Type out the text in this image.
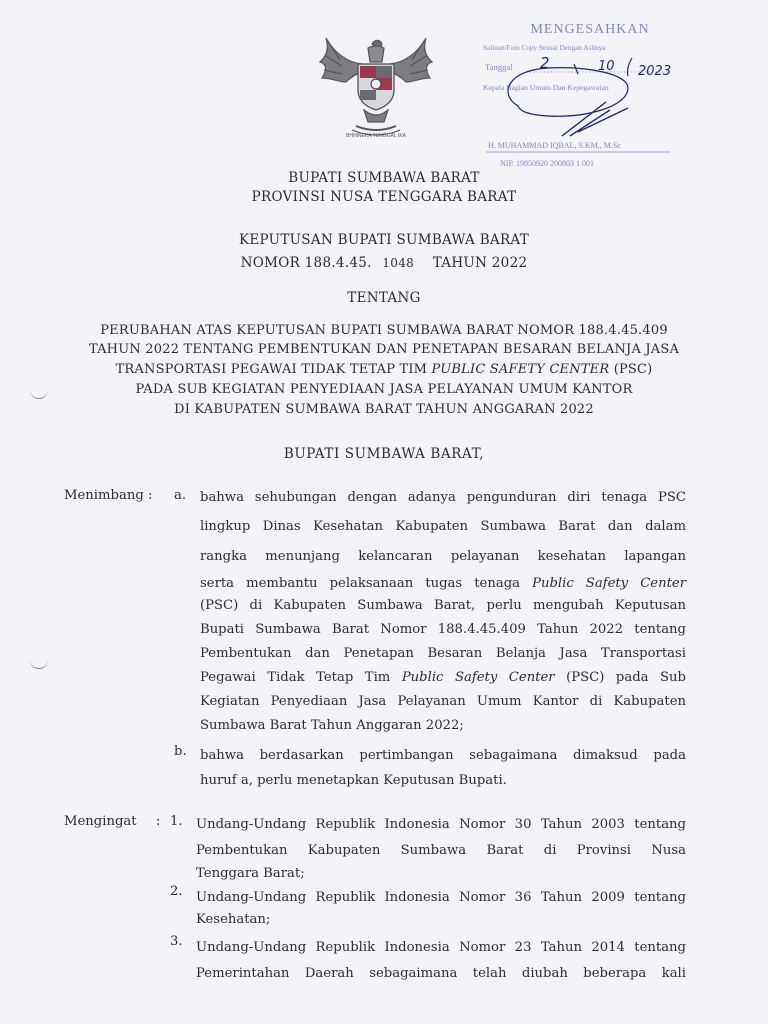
BHINNEKA TUNGGAL IKA
MENGESAHKAN
Salinan/Foto Copy Sesuai Dengan Aslinya
Tanggal
Kepala Bagian Umum Dan Kepegawaian
H. MUHAMMAD IQBAL, S.KM., M.Sc
NIP. 19850920 200803 1 001
2	10 2023
BUPATI SUMBAWA BARAT
PROVINSI NUSA TENGGARA BARAT
KEPUTUSAN BUPATI SUMBAWA BARAT
NOMOR 188.4.45. 1048 TAHUN 2022
TENTANG
PERUBAHAN ATAS KEPUTUSAN BUPATI SUMBAWA BARAT NOMOR 188.4.45.409
TAHUN 2022 TENTANG PEMBENTUKAN DAN PENETAPAN BESARAN BELANJA JASA
TRANSPORTASI PEGAWAI TIDAK TETAP TIM PUBLIC SAFETY CENTER (PSC)
PADA SUB KEGIATAN PENYEDIAAN JASA PELAYANAN UMUM KANTOR
DI KABUPATEN SUMBAWA BARAT TAHUN ANGGARAN 2022
BUPATI SUMBAWA BARAT,
Menimbang : a. bahwa sehubungan dengan adanya pengunduran diri tenaga PSC
lingkup Dinas Kesehatan Kabupaten Sumbawa Barat dan dalam
rangka menunjang kelancaran pelayanan kesehatan lapangan
serta membantu pelaksanaan tugas tenaga Public Safety Center
(PSC) di Kabupaten Sumbawa Barat, perlu mengubah Keputusan
Bupati Sumbawa Barat Nomor 188.4.45.409 Tahun 2022 tentang
Pembentukan dan Penetapan Besaran Belanja Jasa Transportasi
Pegawai Tidak Tetap Tim Public Safety Center (PSC) pada Sub
Kegiatan Penyediaan Jasa Pelayanan Umum Kantor di Kabupaten
Sumbawa Barat Tahun Anggaran 2022;
b. bahwa berdasarkan pertimbangan sebagaimana dimaksud pada
huruf a, perlu menetapkan Keputusan Bupati.
Mengingat : 1. Undang-Undang Republik Indonesia Nomor 30 Tahun 2003 tentang
Pembentukan Kabupaten Sumbawa Barat di Provinsi Nusa
Tenggara Barat;
2. Undang-Undang Republik Indonesia Nomor 36 Tahun 2009 tentang
Kesehatan;
3. Undang-Undang Republik Indonesia Nomor 23 Tahun 2014 tentang
Pemerintahan Daerah sebagaimana telah diubah beberapa kali
